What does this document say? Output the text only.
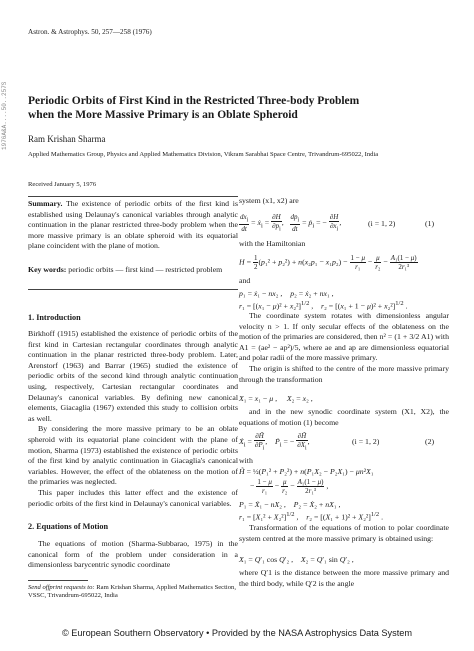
1976A&A....50..257S
Astron. & Astrophys. 50, 257—258 (1976)
Periodic Orbits of First Kind in the Restricted Three-body Problem
when the More Massive Primary is an Oblate Spheroid
Ram Krishan Sharma
Applied Mathematics Group, Physics and Applied Mathematics Division, Vikram Sarabhai Space Centre, Trivandrum-695022, India
Received January 5, 1976

Summary. The existence of periodic orbits of the first kind is established using Delaunay's canonical variables through analytic continuation in the planar restricted three-body problem when the more massive primary is an oblate spheroid with its equatorial plane coincident with the plane of motion.

Key words: periodic orbits — first kind — restricted problem

1. Introduction

Birkhoff (1915) established the existence of periodic orbits of the first kind in Cartesian rectangular coordinates through analytic continuation in the planar restricted three-body problem. Later, Arenstorf (1963) and Barrar (1965) studied the existence of periodic orbits of the second kind through analytic continuation using, respectively, Cartesian rectangular coordinates and Delaunay's canonical variables. By defining new canonical elements, Giacaglia (1967) extended this study to collision orbits as well.

By considering the more massive primary to be an oblate spheroid with its equatorial plane coincident with the plane of motion, Sharma (1973) established the existence of periodic orbits of the first kind by analytic continuation in Giacaglia's canonical variables. However, the effect of the oblateness on the motion of the primaries was neglected.

This paper includes this latter effect and the existence of periodic orbits of the first kind in Delaunay's canonical variables.

2. Equations of Motion

The equations of motion (Sharma-Subbarao, 1975) in the canonical form of the problem under consideration in a dimensionless barycentric synodic coordinate

Send offprint requests to: Ram Krishan Sharma, Applied Mathematics Section, VSSC, Trivandrum-695022, India
system (x1, x2) are
$\frac{dx_i}{dt}$ = ẋ$_i$ = $\frac{\partial H}{\partial p_i}$ , $\frac{dp_i}{dt}$ = ṗ$_i$ = − $\frac{\partial H}{\partial x_i}$ ,	(i = 1, 2)	(1)
with the Hamiltonian
$H = \frac{1}{2} (p_1^2 + p_2^2) + n(x_2p_1 - x_1p_2) - \frac{1 - \mu}{\text{r₁}} - \frac{\mu}{\text{r₂}} - \frac{\text{A₁(1 − μ)}}{\text{2r₁³}}$
and
p₁ = ẋ₁ − nx₂ ,    p₂ = ẋ₂ + nx₁ ,
$r_1 = [(x_1 - \mu)^2 + x_2^2]^{1/2}$ ,    $r_2 = [(x_1 + 1 - \mu)^2 + x_2^2]^{1/2}$ .

The coordinate system rotates with dimensionless angular velocity n > 1. If only secular effects of the oblateness on the motion of the primaries are considered, then n² = (1 + 3/2 A1) with A1 = (ae² − ap²)/5, where ae and ap are dimensionless equatorial and polar radii of the more massive primary.

The origin is shifted to the centre of the more massive primary through the transformation

X₁ = x₁ − μ ,     X₂ = x₂ ,

and in the new synodic coordinate system (X1, X2), the equations of motion (1) become

Ẋ$_i$ = $\frac{\partial H̃}{\partial P_i}$ ,    Ṗ$_i$ = − $\frac{\partial H̃}{\partial X_i}$ ,	(i = 1, 2)	(2)
with
H̃ = ½(P₁² + P₂²) + n(P₁X₂ − P₂X₁) − μn²X₁
− $\frac{1 - \mu}{\text{r₁}} - \frac{\mu}{\text{r₂}} - \frac{\text{A₁(1 − μ)}}{\text{2r₁³}}$ ,
P₁ = Ẋ₁ − nX₂ ,    P₂ = Ẋ₂ + nX₁ ,
$r_1 = [X_1^2 + X_2^2]^{1/2}$ ,    $r_2 = [(X_1 + 1)^2 + X_2^2]^{1/2}$ .

Transformation of the equations of motion to polar coordinate system centred at the more massive primary is obtained using:

X₁ = Q′₁ cos Q′₂ ,    X₂ = Q′₁ sin Q′₂ ,

where Q′1 is the distance between the more massive primary and the third body, while Q′2 is the angle

© European Southern Observatory • Provided by the NASA Astrophysics Data System
